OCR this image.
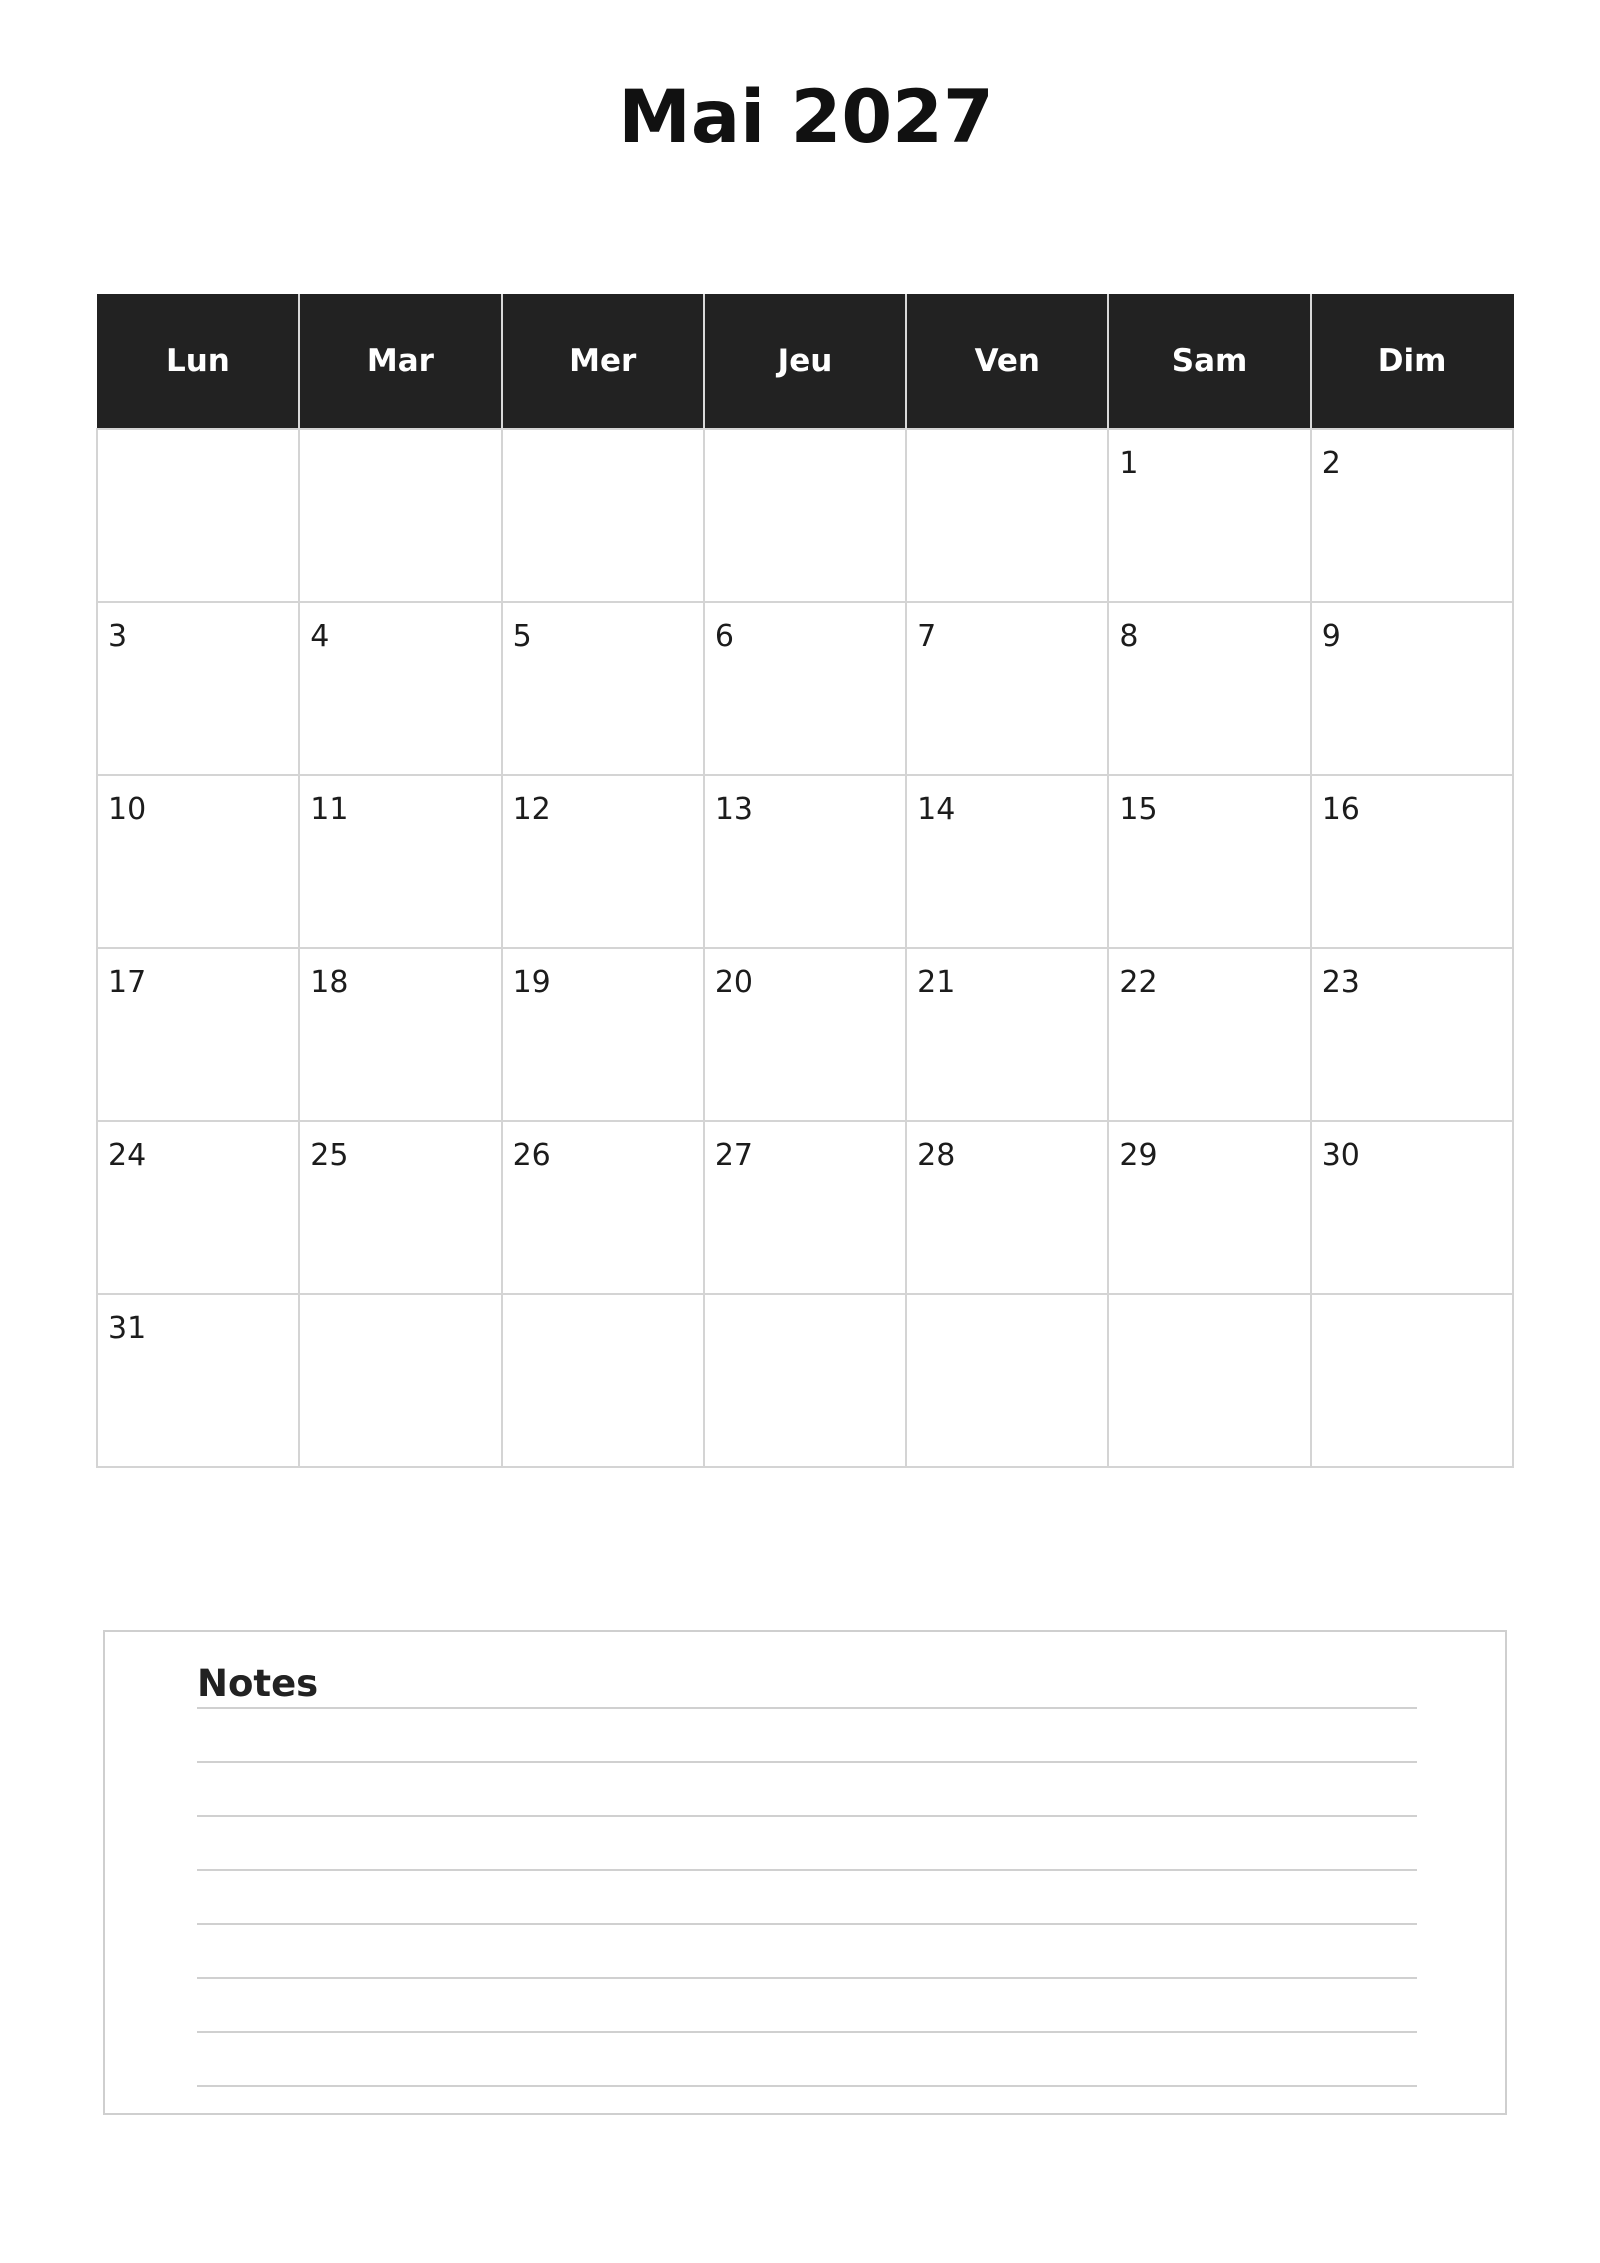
Mai 2027
Lun	Mar	Mer	Jeu	Ven	Sam	Dim

					1	2

3	4	5	6	7	8	9

10	11	12	13	14	15	16

17	18	19	20	21	22	23

24	25	26	27	28	29	30

31						

Notes
